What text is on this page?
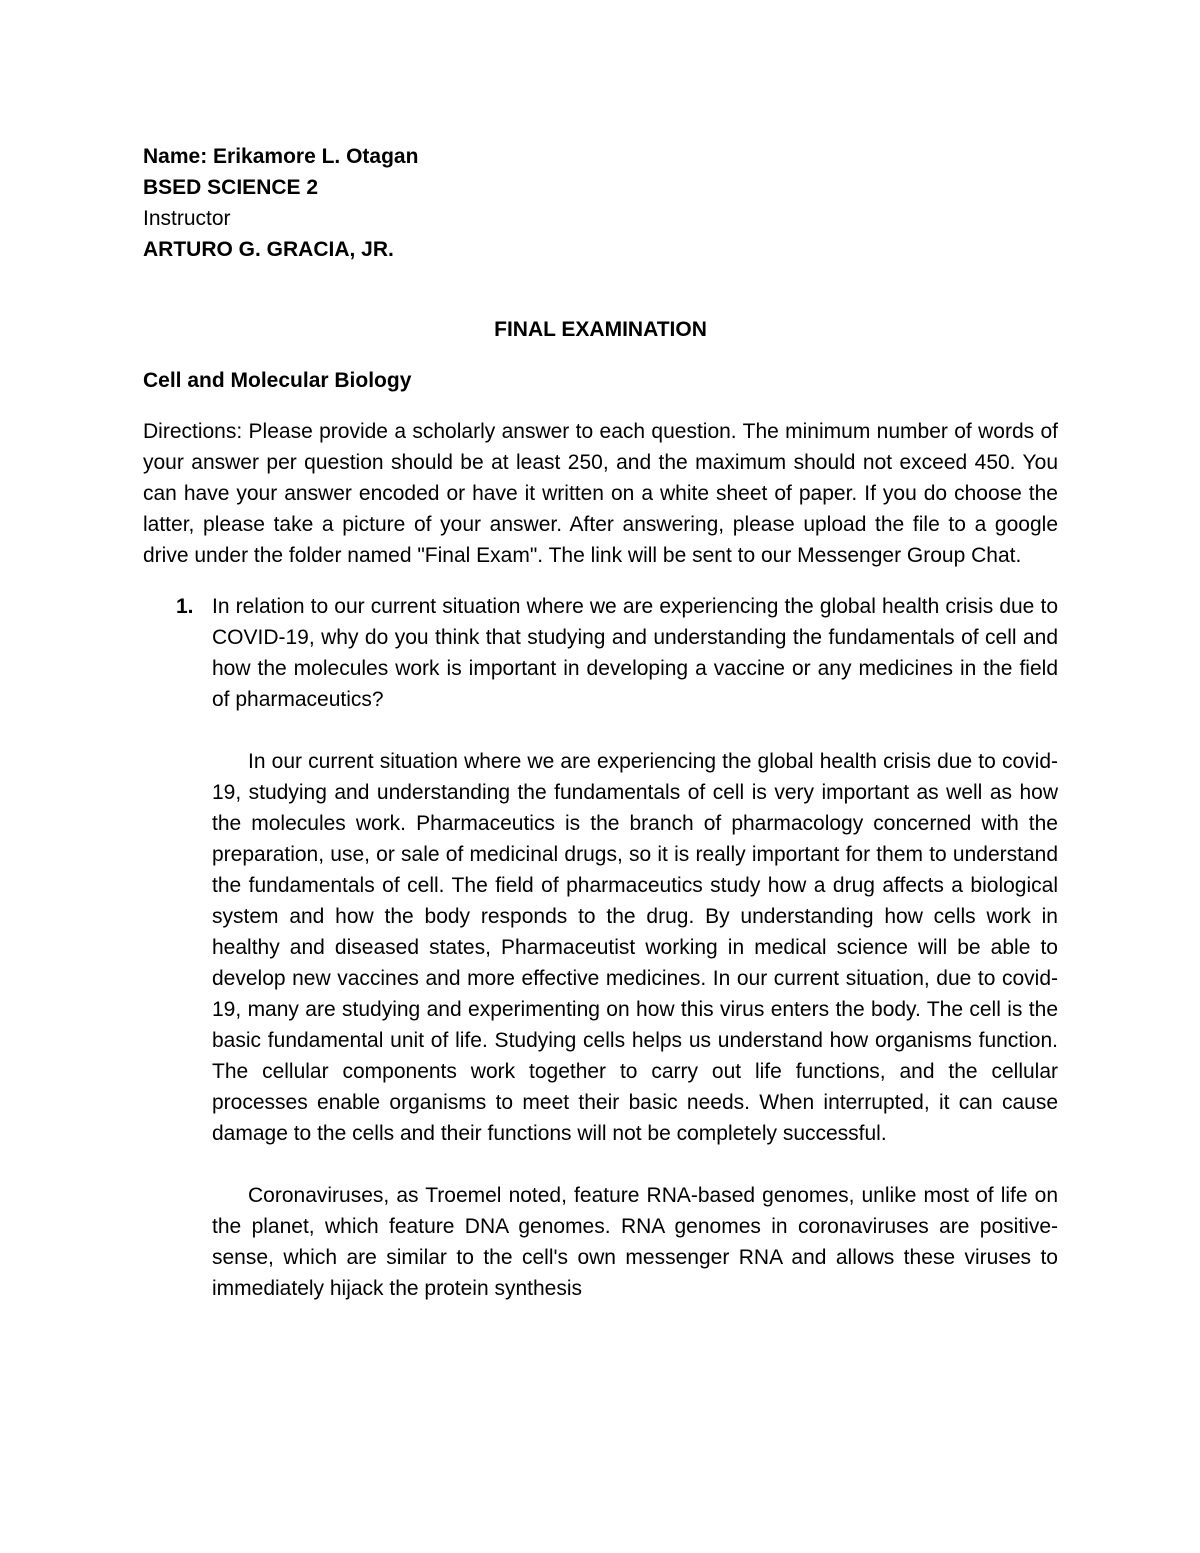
Name: Erikamore L. Otagan

BSED SCIENCE 2

Instructor

ARTURO G. GRACIA, JR.

FINAL EXAMINATION

Cell and Molecular Biology

Directions: Please provide a scholarly answer to each question. The minimum number of words of your answer per question should be at least 250, and the maximum should not exceed 450. You can have your answer encoded or have it written on a white sheet of paper. If you do choose the latter, please take a picture of your answer. After answering, please upload the file to a google drive under the folder named "Final Exam". The link will be sent to our Messenger Group Chat.

1. In relation to our current situation where we are experiencing the global health crisis due to COVID-19, why do you think that studying and understanding the fundamentals of cell and how the molecules work is important in developing a vaccine or any medicines in the field of pharmaceutics?

In our current situation where we are experiencing the global health crisis due to covid-19, studying and understanding the fundamentals of cell is very important as well as how the molecules work. Pharmaceutics is the branch of pharmacology concerned with the preparation, use, or sale of medicinal drugs, so it is really important for them to understand the fundamentals of cell. The field of pharmaceutics study how a drug affects a biological system and how the body responds to the drug. By understanding how cells work in healthy and diseased states, Pharmaceutist working in medical science will be able to develop new vaccines and more effective medicines. In our current situation, due to covid-19, many are studying and experimenting on how this virus enters the body. The cell is the basic fundamental unit of life. Studying cells helps us understand how organisms function. The cellular components work together to carry out life functions, and the cellular processes enable organisms to meet their basic needs. When interrupted, it can cause damage to the cells and their functions will not be completely successful.

Coronaviruses, as Troemel noted, feature RNA-based genomes, unlike most of life on the planet, which feature DNA genomes. RNA genomes in coronaviruses are positive-sense, which are similar to the cell's own messenger RNA and allows these viruses to immediately hijack the protein synthesis
